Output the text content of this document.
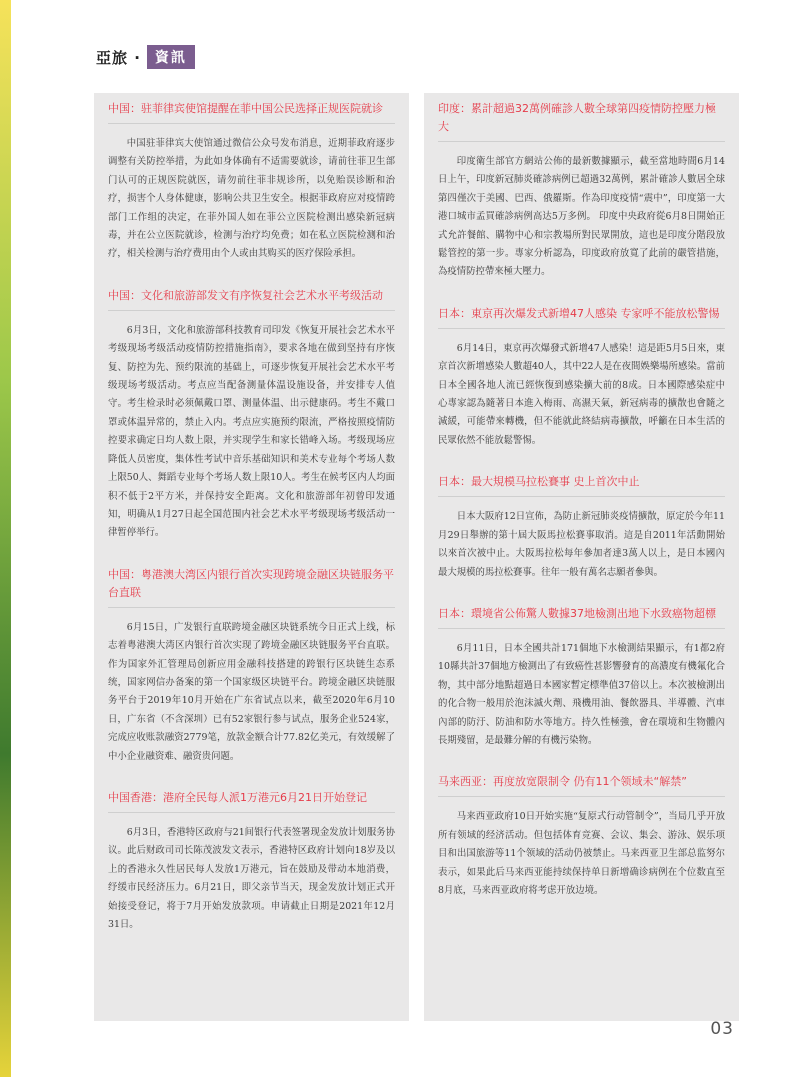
亞旅 ·	資訊
中国：驻菲律宾使馆提醒在菲中国公民选择正规医院就诊

中国驻菲律宾大使馆通过微信公众号发布消息，近期菲政府逐步调整有关防控举措，为此如身体确有不适需要就诊，请前往菲卫生部门认可的正规医院就医，请勿前往菲非规诊所，以免贻误诊断和治疗，损害个人身体健康，影响公共卫生安全。根据菲政府应对疫情跨部门工作组的决定，在菲外国人如在菲公立医院检测出感染新冠病毒，并在公立医院就诊，检测与治疗均免费；如在私立医院检测和治疗，相关检测与治疗费用由个人或由其购买的医疗保险承担。

中国：文化和旅游部发文有序恢复社会艺术水平考级活动

6月3日，文化和旅游部科技教育司印发《恢复开展社会艺术水平考级现场考级活动疫情防控措施指南》，要求各地在做到坚持有序恢复、防控为先、预约限流的基础上，可逐步恢复开展社会艺术水平考级现场考级活动。考点应当配备测量体温设施设备，并安排专人值守。考生检录时必须佩戴口罩、测量体温、出示健康码。考生不戴口罩或体温异常的，禁止入内。考点应实施预约限流，严格按照疫情防控要求确定日均人数上限，并实现学生和家长错峰入场。考级现场应降低人员密度，集体性考试中音乐基础知识和美术专业每个考场人数上限50人、舞蹈专业每个考场人数上限10人。考生在候考区内人均面积不低于2平方米，并保持安全距离。文化和旅游部年初曾印发通知，明确从1月27日起全国范围内社会艺术水平考级现场考级活动一律暂停举行。

中国：粤港澳大湾区内银行首次实现跨境金融区块链服务平台直联

6月15日，广发银行直联跨境金融区块链系统今日正式上线，标志着粤港澳大湾区内银行首次实现了跨境金融区块链服务平台直联。作为国家外汇管理局创新应用金融科技搭建的跨银行区块链生态系统，国家网信办备案的第一个国家级区块链平台。跨境金融区块链服务平台于2019年10月开始在广东省试点以来，截至2020年6月10日，广东省（不含深圳）已有52家银行参与试点，服务企业524家，完成应收账款融资2779笔，放款金额合计77.82亿美元，有效缓解了中小企业融资难、融资贵问题。

中国香港：港府全民每人派1万港元6月21日开始登记

6月3日，香港特区政府与21间银行代表签署现金发放计划服务协议。此后财政司司长陈茂波发文表示，香港特区政府计划向18岁及以上的香港永久性居民每人发放1万港元，旨在鼓励及带动本地消费，纾缓市民经济压力。6月21日，即父亲节当天，现金发放计划正式开始接受登记，将于7月开始发放款项。申请截止日期是2021年12月31日。

印度：累計超過32萬例確診人數全球第四疫情防控壓力極大

印度衛生部官方網站公佈的最新數據顯示，截至當地時間6月14日上午，印度新冠肺炎確診病例已超過32萬例，累計確診人數居全球第四僅次于美國、巴西、俄羅斯。作為印度疫情“震中”，印度第一大港口城市孟買確診病例高达5万多例。 印度中央政府從6月8日開始正式允許餐館、購物中心和宗教場所對民眾開放，這也是印度分階段放鬆管控的第一步。專家分析認為，印度政府放寬了此前的嚴管措施，為疫情防控帶來極大壓力。

日本：東京再次爆发式新增47人感染 专家呼不能放松警惕

6月14日，東京再次爆發式新增47人感染！這是距5月5日來，東京首次新增感染人數超40人，其中22人是在夜間娛樂場所感染。當前日本全國各地人流已經恢復到感染擴大前的8成。日本國際感染症中心專家認為隨著日本進入梅雨、高濕天氣，新冠病毒的擴散也會隨之減緩，可能帶來轉機，但不能就此終結病毒擴散，呼籲在日本生活的民眾依然不能放鬆警惕。

日本：最大規模马拉松賽事 史上首次中止

日本大阪府12日宣佈，為防止新冠肺炎疫情擴散，原定於今年11月29日舉辦的第十屆大阪馬拉松賽事取消。這是自2011年活動開始以來首次被中止。大阪馬拉松每年參加者達3萬人以上，是日本國內最大規模的馬拉松賽事。往年一般有萬名志願者參與。

日本：環境省公佈驚人數據37地檢測出地下水致癌物超標

6月11日，日本全國共計171個地下水檢測結果顯示，有1都2府10縣共計37個地方檢測出了有致癌性甚影響發育的高濃度有機氟化合物，其中部分地點超過日本國家暫定標準值37倍以上。本次被檢測出的化合物一般用於泡沫滅火劑、飛機用油、餐飲器具、半導體、汽車內部的防汙、防油和防水等地方。持久性極強，會在環境和生物體內長期殘留，是最難分解的有機污染物。

马来西亚：再度放宽限制令 仍有11个领域未“解禁”

马来西亚政府10日开始实施“复原式行动管制令”，当局几乎开放所有领域的经济活动。但包括体育竞赛、会议、集会、游泳、娱乐项目和出国旅游等11个领域的活动仍被禁止。马来西亚卫生部总监努尔表示，如果此后马来西亚能持续保持单日新增确诊病例在个位数直至8月底，马来西亚政府将考虑开放边境。

03
